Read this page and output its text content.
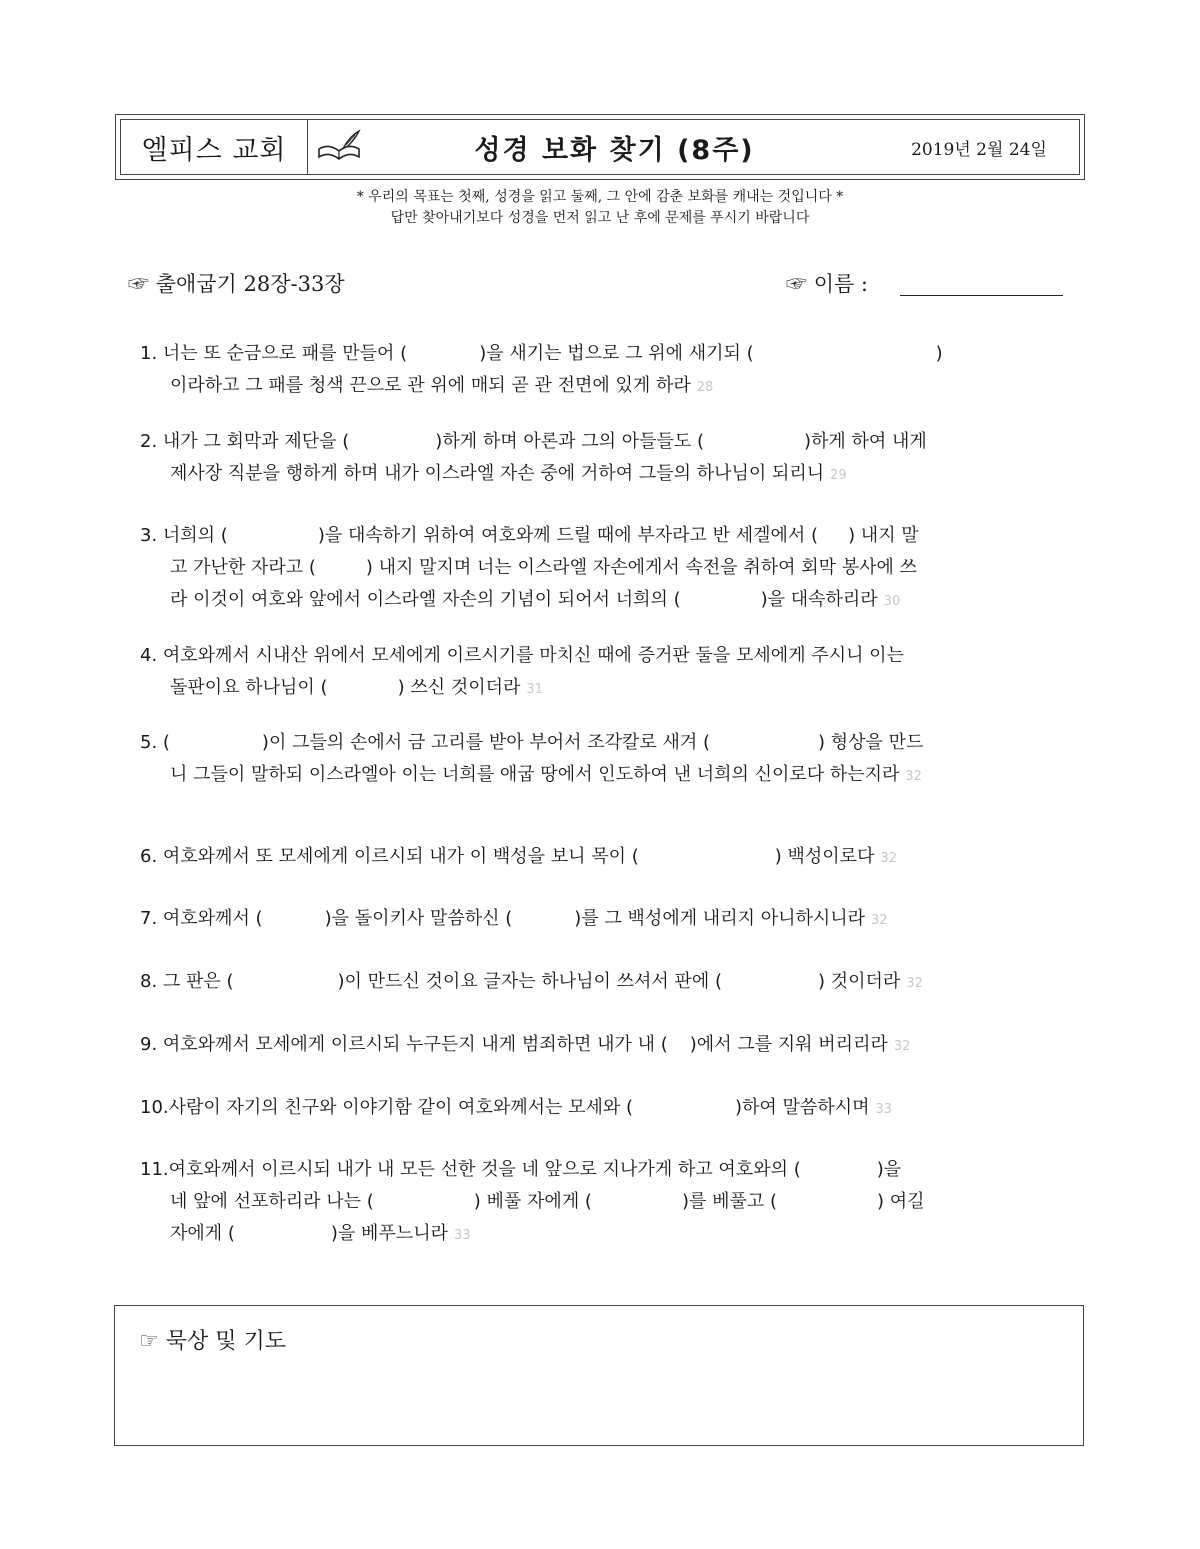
엘피스 교회	성경 보화 찾기 (8주)	2019년 2월 24일
* 우리의 목표는 첫째, 성경을 읽고 둘째, 그 안에 감춘 보화를 캐내는 것입니다 *
답만 찾아내기보다 성경을 먼저 읽고 난 후에 문제를 푸시기 바랍니다
☞ 출애굽기 28장-33장	☞ 이름 :
1. 너는 또 순금으로 패를 만들어 (	)을 새기는 법으로 그 위에 새기되 (	)
이라하고 그 패를 청색 끈으로 관 위에 매되 곧 관 전면에 있게 하라 28
2. 내가 그 회막과 제단을 (	)하게 하며 아론과 그의 아들들도 (	)하게 하여 내게
제사장 직분을 행하게 하며 내가 이스라엘 자손 중에 거하여 그들의 하나님이 되리니 29
3. 너희의 (	)을 대속하기 위하여 여호와께 드릴 때에 부자라고 반 세겔에서 ( ) 내지 말
고 가난한 자라고 (	) 내지 말지며 너는 이스라엘 자손에게서 속전을 취하여 회막 봉사에 쓰
라 이것이 여호와 앞에서 이스라엘 자손의 기념이 되어서 너희의 (	)을 대속하리라 30
4. 여호와께서 시내산 위에서 모세에게 이르시기를 마치신 때에 증거판 둘을 모세에게 주시니 이는
돌판이요 하나님이 (	) 쓰신 것이더라 31
5. (	)이 그들의 손에서 금 고리를 받아 부어서 조각칼로 새겨 (	) 형상을 만드
니 그들이 말하되 이스라엘아 이는 너희를 애굽 땅에서 인도하여 낸 너희의 신이로다 하는지라 32
6. 여호와께서 또 모세에게 이르시되 내가 이 백성을 보니 목이 (	) 백성이로다 32
7. 여호와께서 (	)을 돌이키사 말씀하신 (	)를 그 백성에게 내리지 아니하시니라 32
8. 그 판은 (	)이 만드신 것이요 글자는 하나님이 쓰셔서 판에 (	) 것이더라 32
9. 여호와께서 모세에게 이르시되 누구든지 내게 범죄하면 내가 내 ( )에서 그를 지워 버리리라 32
10.사람이 자기의 친구와 이야기함 같이 여호와께서는 모세와 (	)하여 말씀하시며 33
11.여호와께서 이르시되 내가 내 모든 선한 것을 네 앞으로 지나가게 하고 여호와의 (	)을
네 앞에 선포하리라 나는 (	) 베풀 자에게 (	)를 베풀고 (	) 여길
자에게 (	)을 베푸느니라 33
☞ 묵상 및 기도
